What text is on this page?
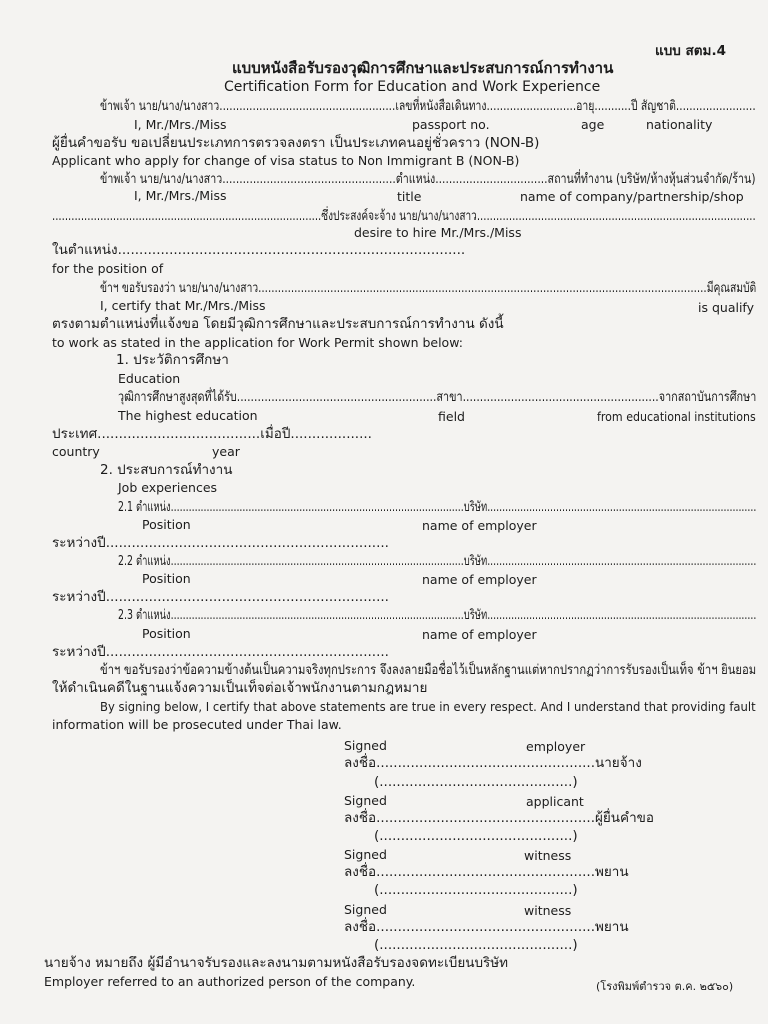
แบบ สตม.4
แบบหนังสือรับรองวุฒิการศึกษาและประสบการณ์การทำงาน
Certification Form for Education and Work Experience
ข้าพเจ้า นาย/นาง/นางสาว.....................................................เลขที่หนังสือเดินทาง...........................อายุ...........ปี สัญชาติ........................
I, Mr./Mrs./Miss	passport no.	age	nationality
ผู้ยื่นคำขอรับ ขอเปลี่ยนประเภทการตรวจลงตรา เป็นประเภทคนอยู่ชั่วคราว (NON-B)
Applicant who apply for change of visa status to Non Immigrant B (NON-B)
ข้าพเจ้า นาย/นาง/นางสาว...................................................ตำแหน่ง.................................สถานที่ทำงาน (บริษัท/ห้างหุ้นส่วนจำกัด/ร้าน)
I, Mr./Mrs./Miss	title	name of company/partnership/shop
....................................................................................ซึ่งประสงค์จะจ้าง นาย/นาง/นางสาว.......................................................................................
desire to hire Mr./Mrs./Miss
ในตำแหน่ง.................................................................................
for the position of
ข้าฯ ขอรับรองว่า นาย/นาง/นางสาว.........................................................................................................................................มีคุณสมบัติ
I, certify that Mr./Mrs./Miss	is qualify
ตรงตามตำแหน่งที่แจ้งขอ โดยมีวุฒิการศึกษาและประสบการณ์การทำงาน ดังนี้
to work as stated in the application for Work Permit shown below:
1. ประวัติการศึกษา
Education
วุฒิการศึกษาสูงสุดที่ได้รับ..........................................................สาขา.........................................................จากสถาบันการศึกษา
The highest education	field	from educational institutions
ประเทศ......................................เมื่อปี...................
country	year
2. ประสบการณ์ทำงาน
Job experiences
2.1 ตำแหน่ง..................................................................................................บริษัท..........................................................................................
Position	name of employer
ระหว่างปี..................................................................
2.2 ตำแหน่ง..................................................................................................บริษัท..........................................................................................
Position	name of employer
ระหว่างปี..................................................................
2.3 ตำแหน่ง..................................................................................................บริษัท..........................................................................................
Position	name of employer
ระหว่างปี..................................................................
ข้าฯ ขอรับรองว่าข้อความข้างต้นเป็นความจริงทุกประการ จึงลงลายมือชื่อไว้เป็นหลักฐานแต่หากปรากฏว่าการรับรองเป็นเท็จ ข้าฯ ยินยอม
ให้ดำเนินคดีในฐานแจ้งความเป็นเท็จต่อเจ้าพนักงานตามกฎหมาย
By signing below, I certify that above statements are true in every respect. And I understand that providing fault
information will be prosecuted under Thai law.
Signed	employer
ลงชื่อ...................................................นายจ้าง
(.............................................)
Signed	applicant
ลงชื่อ...................................................ผู้ยื่นคำขอ
(.............................................)
Signed	witness
ลงชื่อ...................................................พยาน
(.............................................)
Signed	witness
ลงชื่อ...................................................พยาน
(.............................................)
นายจ้าง หมายถึง ผู้มีอำนาจรับรองและลงนามตามหนังสือรับรองจดทะเบียนบริษัท
Employer referred to an authorized person of the company.	(โรงพิมพ์ตำรวจ ต.ค. ๒๕๖๐)
